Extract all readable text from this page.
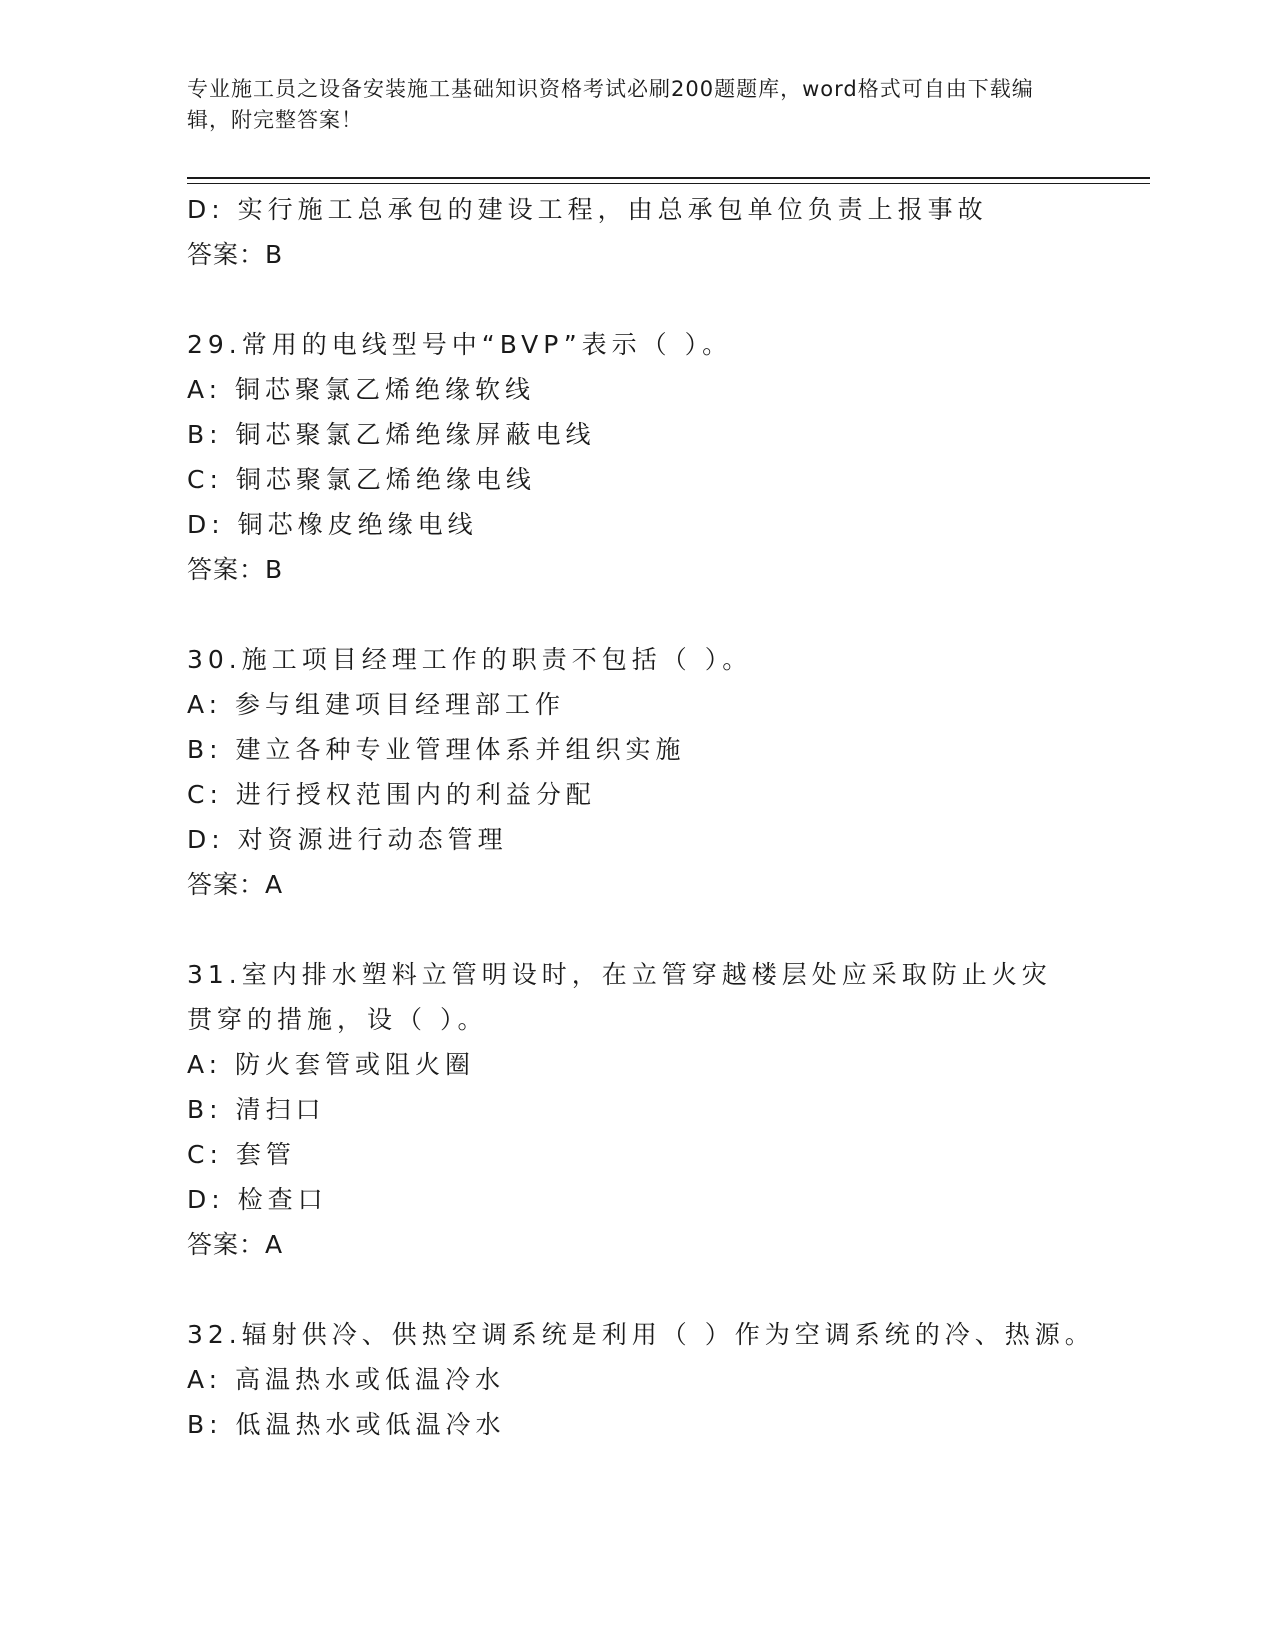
专业施工员之设备安装施工基础知识资格考试必刷200题题库，word格式可自由下载编辑，附完整答案！

D: 实行施工总承包的建设工程，由总承包单位负责上报事故

答案：B

29.常用的电线型号中“BVP”表示（ ）。

A: 铜芯聚氯乙烯绝缘软线

B: 铜芯聚氯乙烯绝缘屏蔽电线

C: 铜芯聚氯乙烯绝缘电线

D: 铜芯橡皮绝缘电线

答案：B

30.施工项目经理工作的职责不包括（ ）。

A: 参与组建项目经理部工作

B: 建立各种专业管理体系并组织实施

C: 进行授权范围内的利益分配

D: 对资源进行动态管理

答案：A

31.室内排水塑料立管明设时，在立管穿越楼层处应采取防止火灾贯穿的措施，设（ ）。

A: 防火套管或阻火圈

B: 清扫口

C: 套管

D: 检查口

答案：A

32.辐射供冷、供热空调系统是利用（ ）作为空调系统的冷、热源。

A: 高温热水或低温冷水

B: 低温热水或低温冷水
